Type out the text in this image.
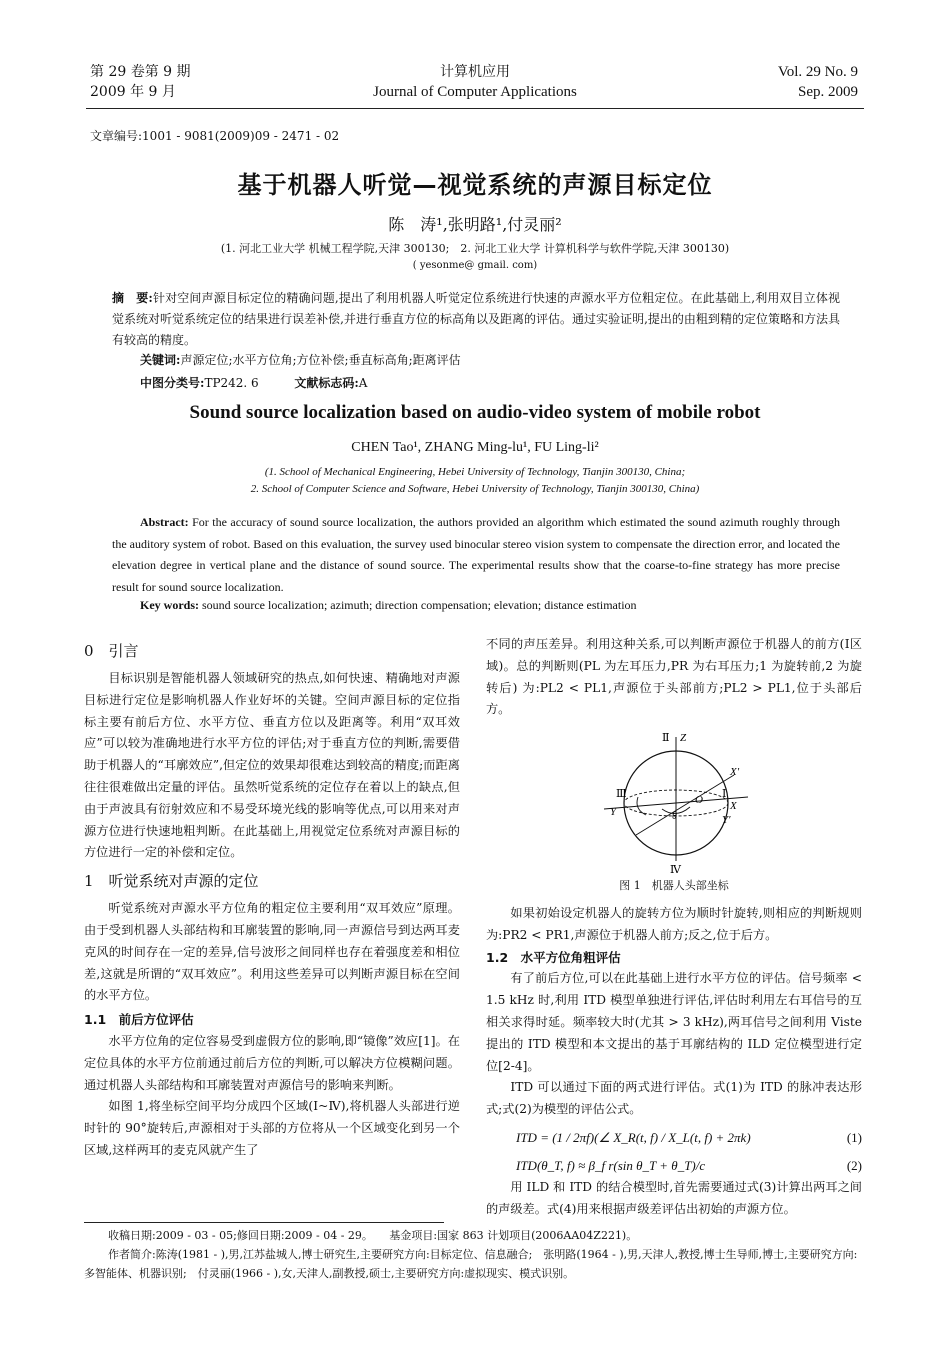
第 29 卷第 9 期
2009 年 9 月
计算机应用
Journal of Computer Applications
Vol. 29 No. 9
Sep. 2009
文章编号:1001 - 9081(2009)09 - 2471 - 02
基于机器人听觉—视觉系统的声源目标定位
陈　涛¹,张明路¹,付灵丽²
(1. 河北工业大学 机械工程学院,天津 300130;　2. 河北工业大学 计算机科学与软件学院,天津 300130)
( yesonme@ gmail. com)
摘　要:针对空间声源目标定位的精确问题,提出了利用机器人听觉定位系统进行快速的声源水平方位粗定位。在此基础上,利用双目立体视觉系统对听觉系统定位的结果进行误差补偿,并进行垂直方位的标高角以及距离的评估。通过实验证明,提出的由粗到精的定位策略和方法具有较高的精度。
关键词:声源定位;水平方位角;方位补偿;垂直标高角;距离评估
中图分类号:TP242. 6	文献标志码:A
Sound source localization based on audio-video system of mobile robot
CHEN Tao¹, ZHANG Ming-lu¹, FU Ling-li²
(1. School of Mechanical Engineering, Hebei University of Technology, Tianjin 300130, China;
2. School of Computer Science and Software, Hebei University of Technology, Tianjin 300130, China)
Abstract: For the accuracy of sound source localization, the authors provided an algorithm which estimated the sound azimuth roughly through the auditory system of robot. Based on this evaluation, the survey used binocular stereo vision system to compensate the direction error, and located the elevation degree in vertical plane and the distance of sound source. The experimental results show that the coarse-to-fine strategy has more precise result for sound source localization.
Key words: sound source localization; azimuth; direction compensation; elevation; distance estimation
0　引言

目标识别是智能机器人领域研究的热点,如何快速、精确地对声源目标进行定位是影响机器人作业好坏的关键。空间声源目标的定位指标主要有前后方位、水平方位、垂直方位以及距离等。利用“双耳效应”可以较为准确地进行水平方位的评估;对于垂直方位的判断,需要借助于机器人的“耳廓效应”,但定位的效果却很难达到较高的精度;而距离往往很难做出定量的评估。虽然听觉系统的定位存在着以上的缺点,但由于声波具有衍射效应和不易受环境光线的影响等优点,可以用来对声源方位进行快速地粗判断。在此基础上,用视觉定位系统对声源目标的方位进行一定的补偿和定位。

1　听觉系统对声源的定位

听觉系统对声源水平方位角的粗定位主要利用“双耳效应”原理。由于受到机器人头部结构和耳廓装置的影响,同一声源信号到达两耳麦克风的时间存在一定的差异,信号波形之间同样也存在着强度差和相位差,这就是所谓的“双耳效应”。利用这些差异可以判断声源目标在空间的水平方位。

1.1　前后方位评估

水平方位角的定位容易受到虚假方位的影响,即“镜像”效应[1]。在定位具体的水平方位前通过前后方位的判断,可以解决方位模糊问题。通过机器人头部结构和耳廓装置对声源信号的影响来判断。

如图 1,将坐标空间平均分成四个区域(Ⅰ~Ⅳ),将机器人头部进行逆时针的 90°旋转后,声源相对于头部的方位将从一个区域变化到另一个区域,这样两耳的麦克风就产生了

不同的声压差异。利用这种关系,可以判断声源位于机器人的前方(Ⅰ区域)。总的判断则(PL 为左耳压力,PR 为右耳压力;1 为旋转前,2 为旋转后) 为:PL2 < PL1,声源位于头部前方;PL2 > PL1,位于头部后方。

Ⅱ Z
Ⅲ
Y
Ⅰ
X
X′
Y′
O
θ
Ⅳ
图 1　机器人头部坐标

如果初始设定机器人的旋转方位为顺时针旋转,则相应的判断规则为:PR2 < PR1,声源位于机器人前方;反之,位于后方。

1.2　水平方位角粗评估

有了前后方位,可以在此基础上进行水平方位的评估。信号频率 < 1.5 kHz 时,利用 ITD 模型单独进行评估,评估时利用左右耳信号的互相关求得时延。频率较大时(尤其 > 3 kHz),两耳信号之间利用 Viste 提出的 ITD 模型和本文提出的基于耳廓结构的 ILD 定位模型进行定位[2-4]。

ITD 可以通过下面的两式进行评估。式(1)为 ITD 的脉冲表达形式;式(2)为模型的评估公式。

ITD = (1 / 2πf)(∠ X_R(t, f) / X_L(t, f) + 2πk)	(1)
ITD(θ_T, f) ≈ β_f r(sin θ_T + θ_T)/c	(2)

用 ILD 和 ITD 的结合模型时,首先需要通过式(3)计算出两耳之间的声级差。式(4)用来根据声级差评估出初始的声源方位。

收稿日期:2009 - 03 - 05;修回日期:2009 - 04 - 29。　　基金项目:国家 863 计划项目(2006AA04Z221)。
作者简介:陈涛(1981 - ),男,江苏盐城人,博士研究生,主要研究方向:目标定位、信息融合;　张明路(1964 - ),男,天津人,教授,博士生导师,博士,主要研究方向:多智能体、机器识别;　付灵丽(1966 - ),女,天津人,副教授,硕士,主要研究方向:虚拟现实、模式识别。
